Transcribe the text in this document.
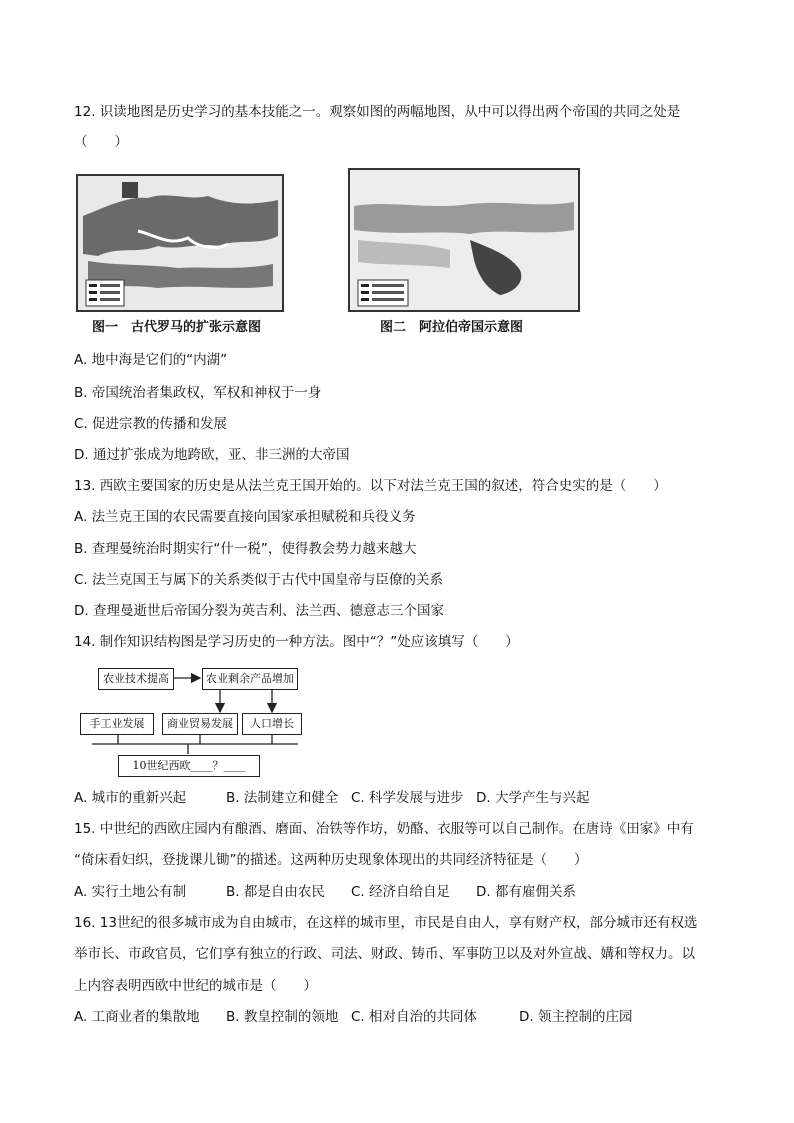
12. 识读地图是历史学习的基本技能之一。观察如图的两幅地图，从中可以得出两个帝国的共同之处是
（　　）
图一　古代罗马的扩张示意图	图二　阿拉伯帝国示意图
A. 地中海是它们的“内湖”
B. 帝国统治者集政权，军权和神权于一身
C. 促进宗教的传播和发展
D. 通过扩张成为地跨欧，亚、非三洲的大帝国
13. 西欧主要国家的历史是从法兰克王国开始的。以下对法兰克王国的叙述，符合史实的是（　　）
A. 法兰克王国的农民需要直接向国家承担赋税和兵役义务
B. 查理曼统治时期实行“什一税”，使得教会势力越来越大
C. 法兰克国王与属下的关系类似于古代中国皇帝与臣僚的关系
D. 查理曼逝世后帝国分裂为英吉利、法兰西、德意志三个国家
14. 制作知识结构图是学习历史的一种方法。图中“？”处应该填写（　　）
农业技术提高	农业剩余产品增加
手工业发展	商业贸易发展	人口增长
10世纪西欧____？____
A. 城市的重新兴起	B. 法制建立和健全 C. 科学发展与进步 D. 大学产生与兴起
15. 中世纪的西欧庄园内有酿酒、磨面、冶铁等作坊，奶酪、衣服等可以自己制作。在唐诗《田家》中有
“倚床看妇织，登拢课儿锄”的描述。这两种历史现象体现出的共同经济特征是（　　）
A. 实行土地公有制	B. 都是自由农民 C. 经济自给自足 D. 都有雇佣关系
16. 13世纪的很多城市成为自由城市，在这样的城市里，市民是自由人，享有财产权，部分城市还有权选
举市长、市政官员，它们享有独立的行政、司法、财政、铸币、军事防卫以及对外宣战、媾和等权力。以
上内容表明西欧中世纪的城市是（　　）
A. 工商业者的集散地 B. 教皇控制的领地 C. 相对自治的共同体	D. 领主控制的庄园
